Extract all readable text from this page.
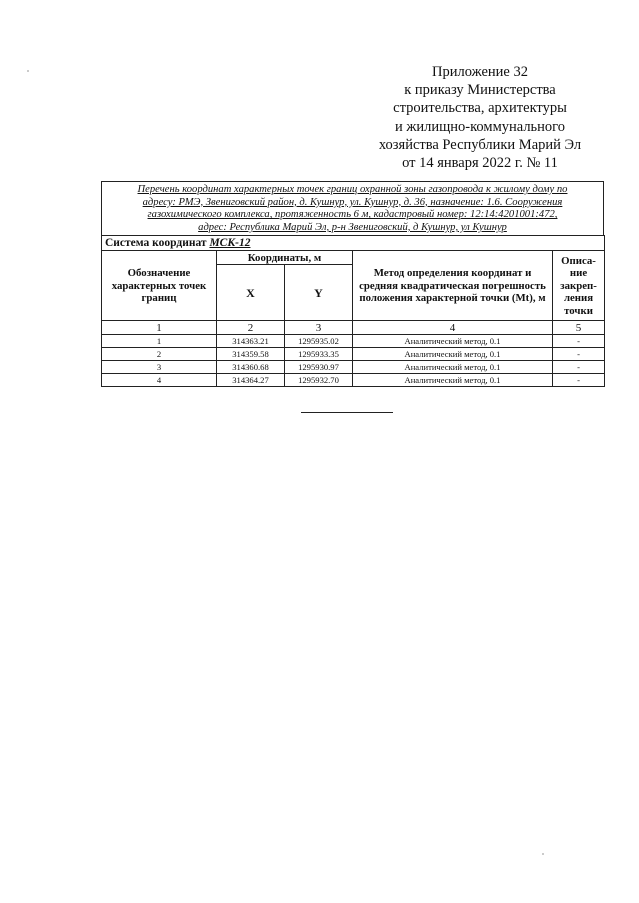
Приложение 32
к приказу Министерства
строительства, архитектуры
и жилищно-коммунального
хозяйства Республики Марий Эл
от 14 января 2022 г. № 11
Перечень координат характерных точек границ охранной зоны газопровода к жилому дому по
адресу: РМЭ, Звениговский район, д. Кушнур, ул. Кушнур, д. 36, назначение: 1.6. Сооружения
газохимического комплекса, протяженность 6 м, кадастровый номер: 12:14:4201001:472,
адрес: Республика Марий Эл, р-н Звениговский, д Кушнур, ул Кушнур
Система координат МСК-12				
Обозначение характерных точек границ	Координаты, м		Метод определения координат и средняя квадратическая погрешность положения характерной точки (Mt), м	Описа-ние закреп-ления точки
	X	Y		
1	2	3	4	5
1	314363.21	1295935.02	Аналитический метод, 0.1	-
2	314359.58	1295933.35	Аналитический метод, 0.1	-
3	314360.68	1295930.97	Аналитический метод, 0.1	-
4	314364.27	1295932.70	Аналитический метод, 0.1	-
